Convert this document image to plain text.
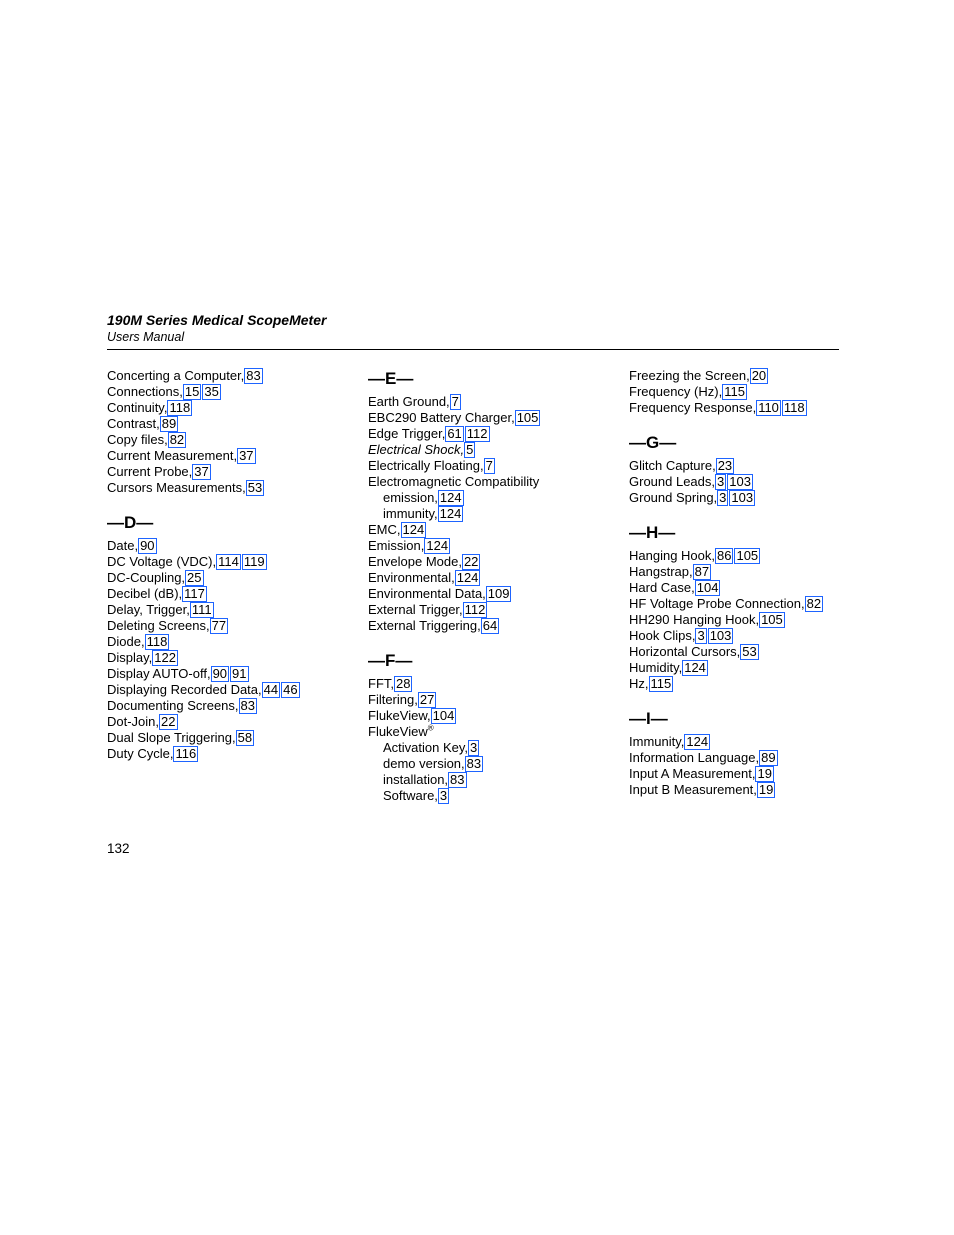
190M Series Medical ScopeMeter
Users Manual
Concerting a Computer, 83
Connections, 15 35
Continuity, 118
Contrast, 89
Copy files, 82
Current Measurement, 37
Current Probe, 37
Cursors Measurements, 53
—D—
Date, 90
DC Voltage (VDC), 114 119
DC-Coupling, 25
Decibel (dB), 117
Delay, Trigger, 111
Deleting Screens, 77
Diode, 118
Display, 122
Display AUTO-off, 90 91
Displaying Recorded Data, 44 46
Documenting Screens, 83
Dot-Join, 22
Dual Slope Triggering, 58
Duty Cycle, 116
—E—
Earth Ground, 7
EBC290 Battery Charger, 105
Edge Trigger, 61 112
Electrical Shock, 5
Electrically Floating, 7
Electromagnetic Compatibility
emission, 124
immunity, 124
EMC, 124
Emission, 124
Envelope Mode, 22
Environmental, 124
Environmental Data, 109
External Trigger, 112
External Triggering, 64
—F—
FFT, 28
Filtering, 27
FlukeView, 104
FlukeView®
Activation Key, 3
demo version, 83
installation, 83
Software, 3
Freezing the Screen, 20
Frequency (Hz), 115
Frequency Response, 110 118
—G—
Glitch Capture, 23
Ground Leads, 3 103
Ground Spring, 3 103
—H—
Hanging Hook, 86 105
Hangstrap, 87
Hard Case, 104
HF Voltage Probe Connection, 82
HH290 Hanging Hook, 105
Hook Clips, 3 103
Horizontal Cursors, 53
Humidity, 124
Hz, 115
—I—
Immunity, 124
Information Language, 89
Input A Measurement, 19
Input B Measurement, 19
132
